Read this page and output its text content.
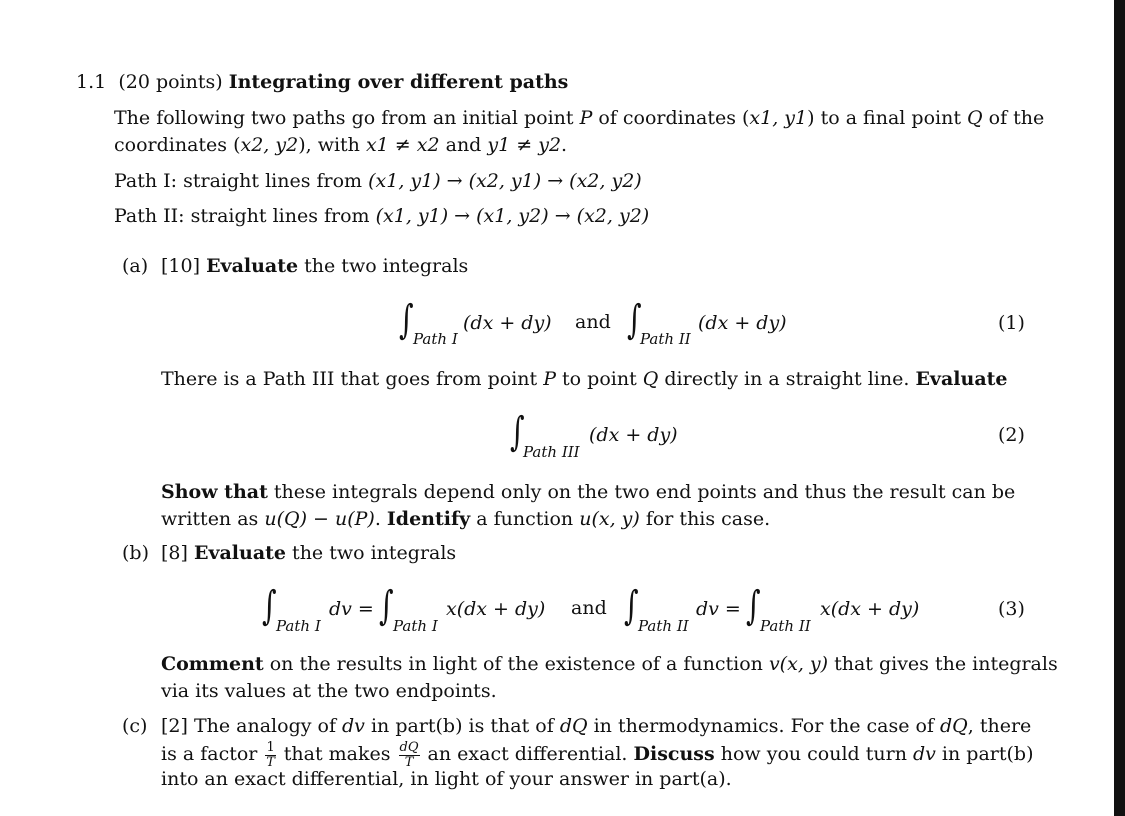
1.1 (20 points) Integrating over different paths
The following two paths go from an initial point P of coordinates (x1, y1) to a final point Q of the
coordinates (x2, y2), with x1 ≠ x2 and y1 ≠ y2.
Path I: straight lines from (x1, y1) → (x2, y1) → (x2, y2)
Path II: straight lines from (x1, y1) → (x1, y2) → (x2, y2)
(a) [10] Evaluate the two integrals
∫ Path I
(dx + dy) and ∫
Path II
(dx + dy)	(1)
There is a Path III that goes from point P to point Q directly in a straight line. Evaluate
∫
Path III
(dx + dy)	(2)
Show that these integrals depend only on the two end points and thus the result can be
written as u(Q) − u(P). Identify a function u(x, y) for this case.
(b) [8] Evaluate the two integrals
∫ Path I
dv = ∫ Path I
x(dx + dy) and ∫ Path II
dv = ∫ Path II
x(dx + dy)	(3)
Comment on the results in light of the existence of a function v(x, y) that gives the integrals
via its values at the two endpoints.
(c) [2] The analogy of dv in part(b) is that of dQ in thermodynamics. For the case of dQ, there
is a factor $\frac{1}{T}$ that makes $\frac{dQ}{T}$ an exact differential. Discuss how you could turn dv in part(b)
into an exact differential, in light of your answer in part(a).
